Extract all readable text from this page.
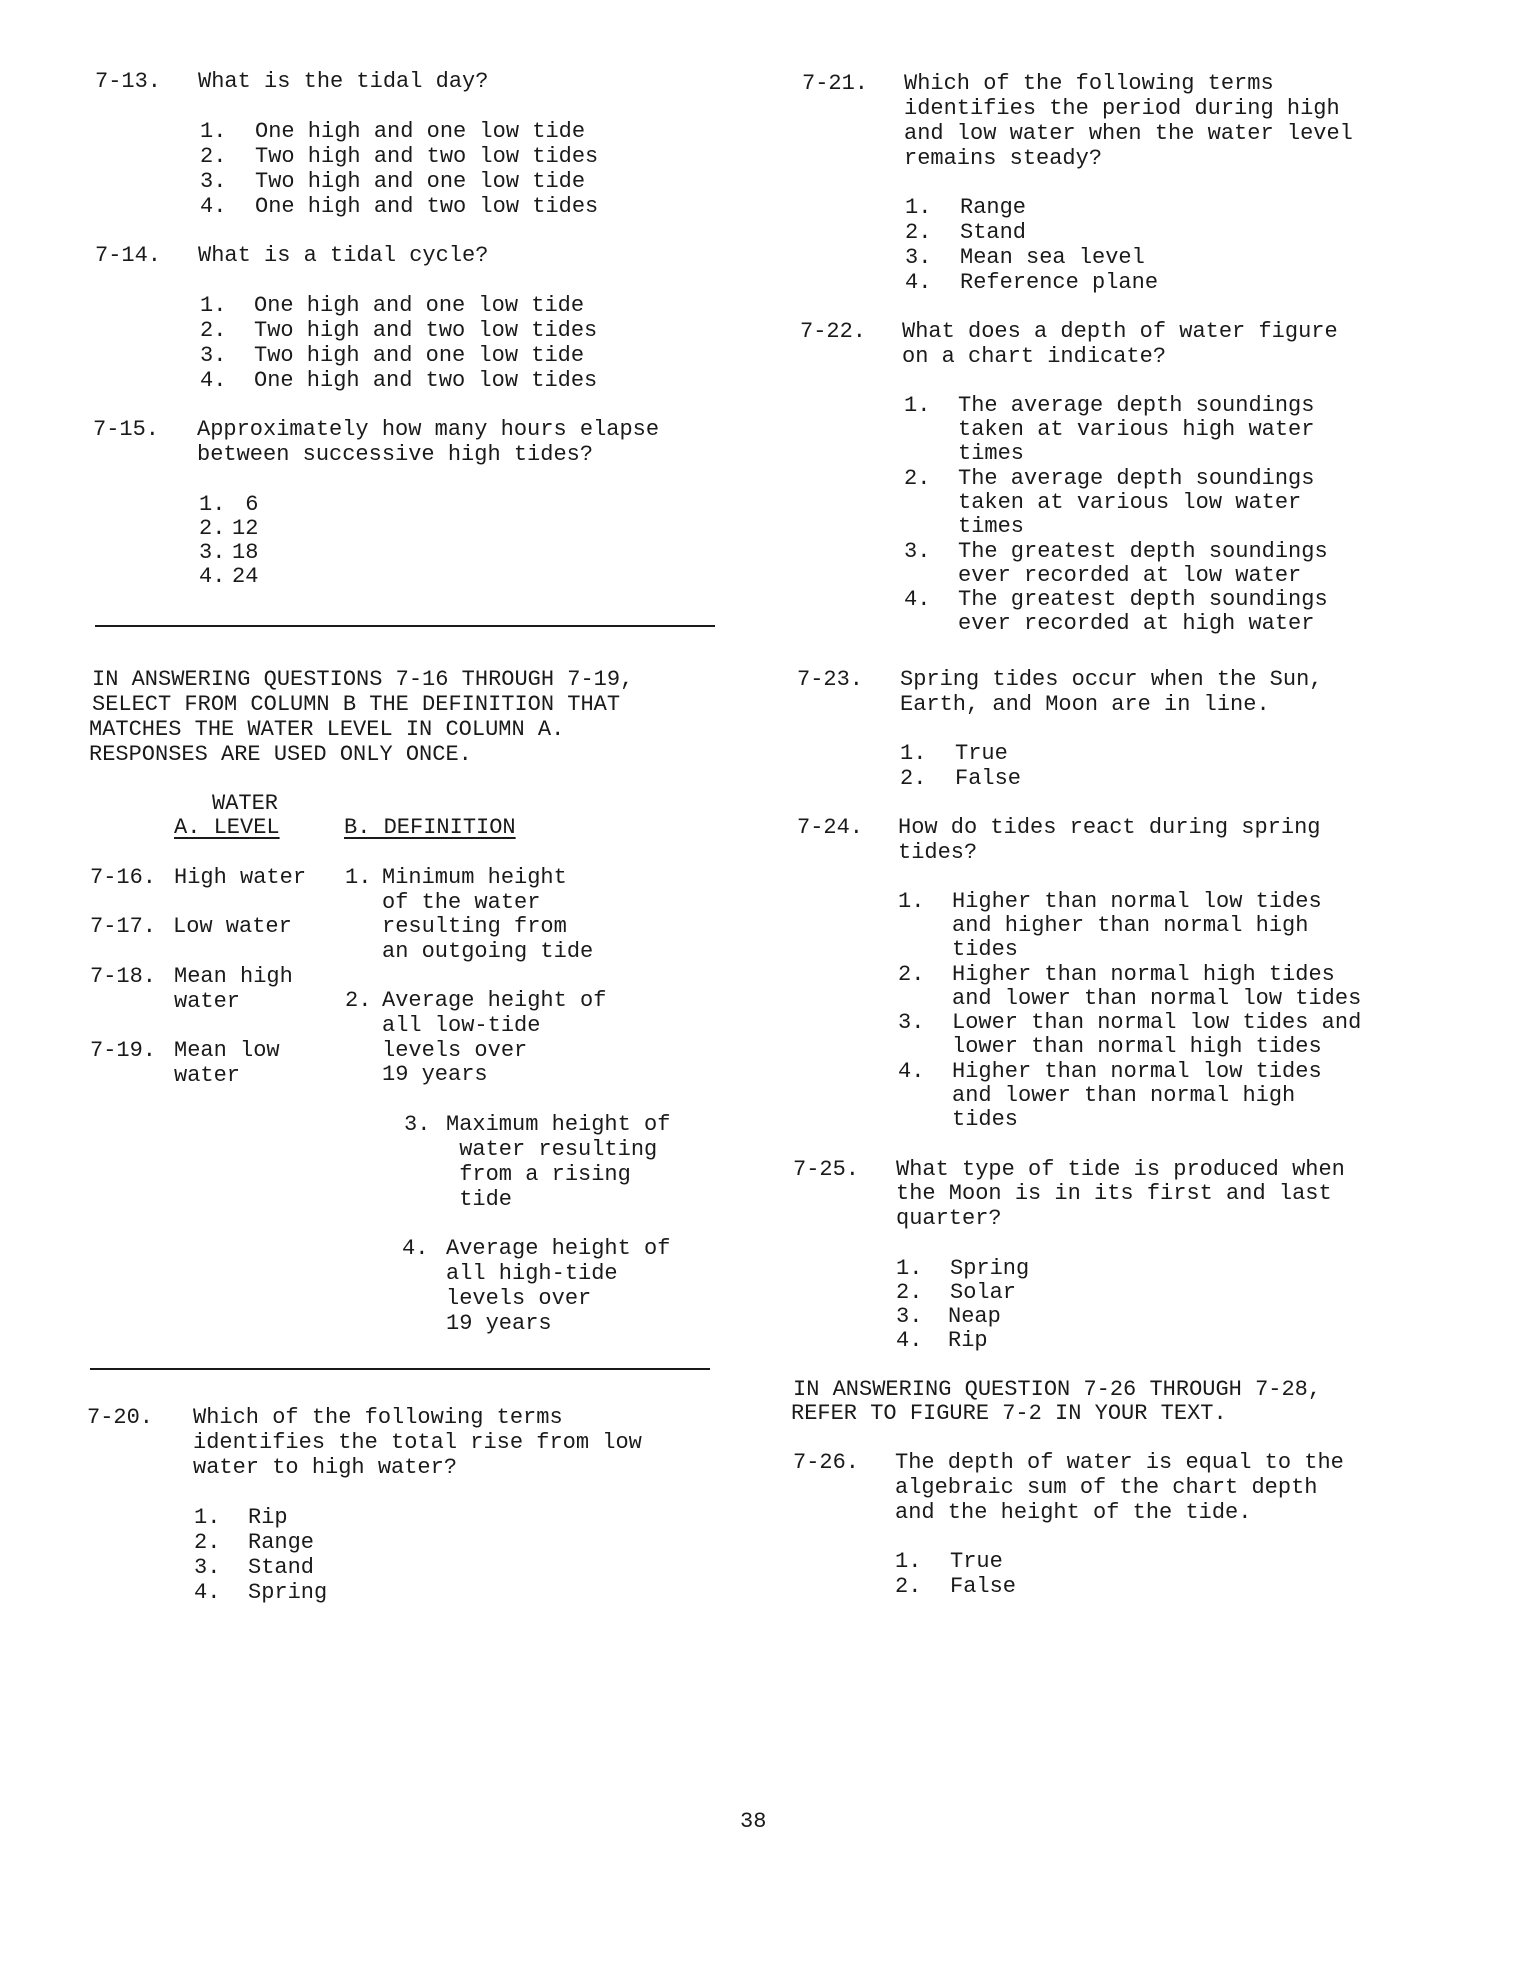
7-13. What is the tidal day?
1. One high and one low tide
2. Two high and two low tides
3. Two high and one low tide
4. One high and two low tides
7-14. What is a tidal cycle?
1. One high and one low tide
2. Two high and two low tides
3. Two high and one low tide
4. One high and two low tides
7-15. Approximately how many hours elapse
between successive high tides?
1. 6
2. 12
3. 18
4. 24
IN ANSWERING QUESTIONS 7-16 THROUGH 7-19,
SELECT FROM COLUMN B THE DEFINITION THAT
MATCHES THE WATER LEVEL IN COLUMN A.
RESPONSES ARE USED ONLY ONCE.
WATER
A. LEVEL	B. DEFINITION
7-16. High water
7-17. Low water
7-18. Mean high
water
7-19. Mean low
water
1. Minimum height
of the water
resulting from
an outgoing tide
2. Average height of
all low-tide
levels over
19 years
3. Maximum height of
water resulting
from a rising
tide
4. Average height of
all high-tide
levels over
19 years
7-20. Which of the following terms
identifies the total rise from low
water to high water?
1. Rip
2. Range
3. Stand
4. Spring
7-21. Which of the following terms
identifies the period during high
and low water when the water level
remains steady?
1. Range
2. Stand
3. Mean sea level
4. Reference plane
7-22. What does a depth of water figure
on a chart indicate?
1. The average depth soundings
taken at various high water
times
2. The average depth soundings
taken at various low water
times
3. The greatest depth soundings
ever recorded at low water
4. The greatest depth soundings
ever recorded at high water
7-23. Spring tides occur when the Sun,
Earth, and Moon are in line.
1. True
2. False
7-24. How do tides react during spring
tides?
1. Higher than normal low tides
and higher than normal high
tides
2. Higher than normal high tides
and lower than normal low tides
3. Lower than normal low tides and
lower than normal high tides
4. Higher than normal low tides
and lower than normal high
tides
7-25. What type of tide is produced when
the Moon is in its first and last
quarter?
1. Spring
2. Solar
3. Neap
4. Rip
IN ANSWERING QUESTION 7-26 THROUGH 7-28,
REFER TO FIGURE 7-2 IN YOUR TEXT.
7-26. The depth of water is equal to the
algebraic sum of the chart depth
and the height of the tide.
1. True
2. False
38
